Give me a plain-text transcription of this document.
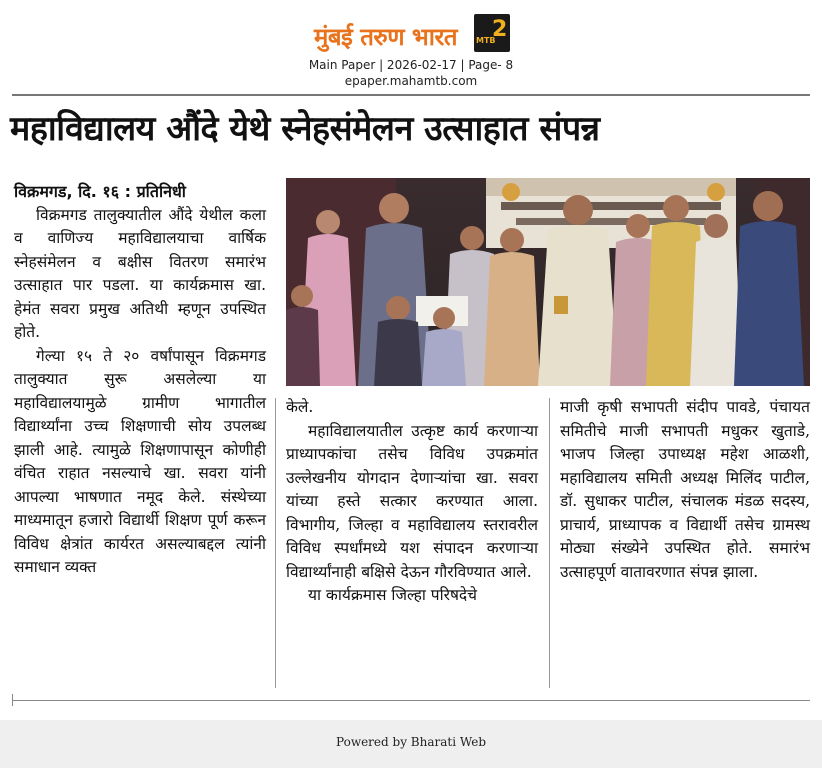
मुंबई तरुण भारत 2
MTB
Main Paper | 2026-02-17 | Page- 8
epaper.mahamtb.com
महाविद्यालय औंदे येथे स्नेहसंमेलन उत्साहात संपन्न

विक्रमगड, दि. १६ : प्रतिनिधी

विक्रमगड तालुक्यातील औंदे येथील कला व वाणिज्य महाविद्यालयाचा वार्षिक स्नेहसंमेलन व बक्षीस वितरण समारंभ उत्साहात पार पडला. या कार्यक्रमास खा. हेमंत सवरा प्रमुख अतिथी म्हणून उपस्थित होते.

गेल्या १५ ते २० वर्षांपासून विक्रमगड तालुक्यात सुरू असलेल्या या महाविद्यालयामुळे ग्रामीण भागातील विद्यार्थ्यांना उच्च शिक्षणाची सोय उपलब्ध झाली आहे. त्यामुळे शिक्षणापासून कोणीही वंचित राहात नसल्याचे खा. सवरा यांनी आपल्या भाषणात नमूद केले. संस्थेच्या माध्यमातून हजारो विद्यार्थी शिक्षण पूर्ण करून विविध क्षेत्रांत कार्यरत असल्याबद्दल त्यांनी समाधान व्यक्त

केले.

महाविद्यालयातील उत्कृष्ट कार्य करणाऱ्या प्राध्यापकांचा तसेच विविध उपक्रमांत उल्लेखनीय योगदान देणाऱ्यांचा खा. सवरा यांच्या हस्ते सत्कार करण्यात आला. विभागीय, जिल्हा व महाविद्यालय स्तरावरील विविध स्पर्धांमध्ये यश संपादन करणाऱ्या विद्यार्थ्यांनाही बक्षिसे देऊन गौरविण्यात आले.

या कार्यक्रमास जिल्हा परिषदेचे

माजी कृषी सभापती संदीप पावडे, पंचायत समितीचे माजी सभापती मधुकर खुताडे, भाजप जिल्हा उपाध्यक्ष महेश आळशी, महाविद्यालय समिती अध्यक्ष मिलिंद पाटील, डॉ. सुधाकर पाटील, संचालक मंडळ सदस्य, प्राचार्य, प्राध्यापक व विद्यार्थी तसेच ग्रामस्थ मोठ्या संख्येने उपस्थित होते. समारंभ उत्साहपूर्ण वातावरणात संपन्न झाला.

Powered by Bharati Web
